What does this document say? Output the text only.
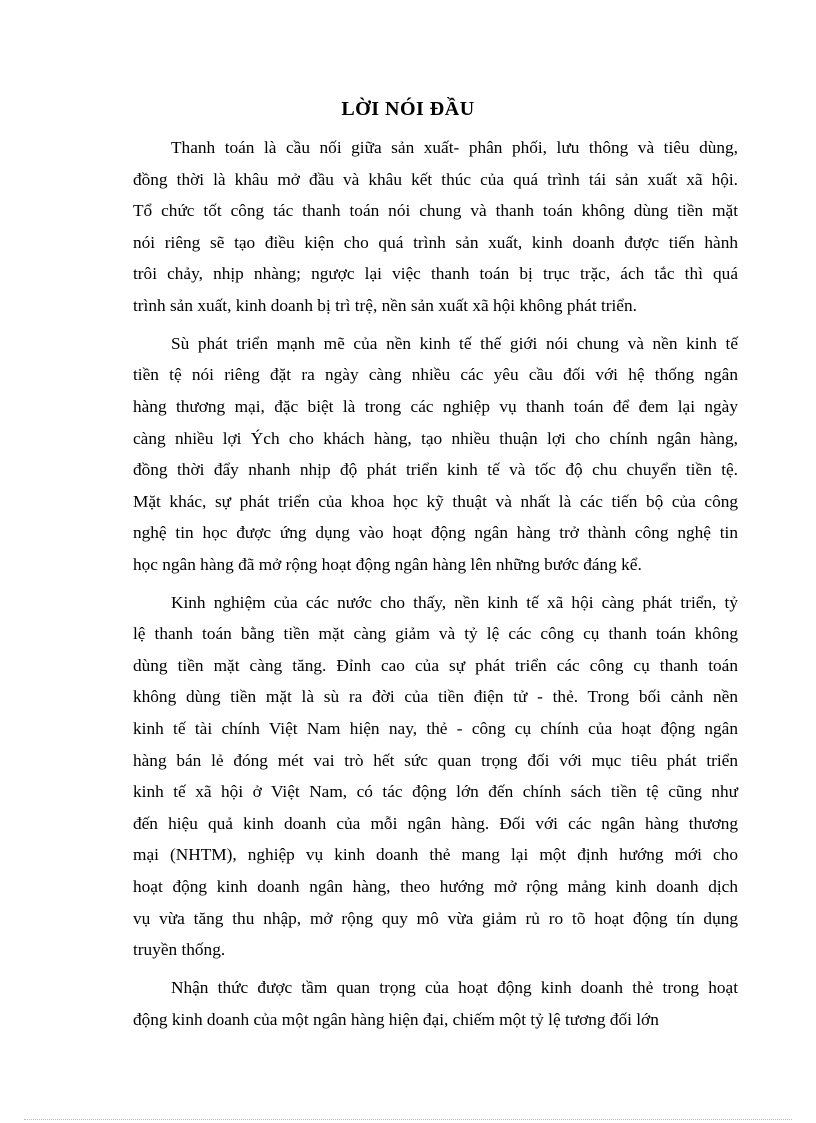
LỜI NÓI ĐẦU
Thanh toán là cầu nối giữa sản xuất- phân phối, lưu thông và tiêu dùng,
đồng thời là khâu mở đầu và khâu kết thúc của quá trình tái sản xuất xã hội.
Tổ chức tốt công tác thanh toán nói chung và thanh toán không dùng tiền mặt
nói riêng sẽ tạo điều kiện cho quá trình sản xuất, kinh doanh được tiến hành
trôi chảy, nhịp nhàng; ngược lại việc thanh toán bị trục trặc, ách tắc thì quá
trình sản xuất, kinh doanh bị trì trệ, nền sản xuất xã hội không phát triển.
Sù phát triển mạnh mẽ của nền kinh tế thế giới nói chung và nền kinh tế
tiền tệ nói riêng đặt ra ngày càng nhiều các yêu cầu đối với hệ thống ngân
hàng thương mại, đặc biệt là trong các nghiệp vụ thanh toán để đem lại ngày
càng nhiều lợi Ých cho khách hàng, tạo nhiều thuận lợi cho chính ngân hàng,
đồng thời đẩy nhanh nhịp độ phát triển kinh tế và tốc độ chu chuyển tiền tệ.
Mặt khác, sự phát triển của khoa học kỹ thuật và nhất là các tiến bộ của công
nghệ tin học được ứng dụng vào hoạt động ngân hàng trở thành công nghệ tin
học ngân hàng đã mở rộng hoạt động ngân hàng lên những bước đáng kể.
Kinh nghiệm của các nước cho thấy, nền kinh tế xã hội càng phát triển, tỷ
lệ thanh toán bằng tiền mặt càng giảm và tỷ lệ các công cụ thanh toán không
dùng tiền mặt càng tăng. Đỉnh cao của sự phát triển các công cụ thanh toán
không dùng tiền mặt là sù ra đời của tiền điện tử - thẻ. Trong bối cảnh nền
kinh tế tài chính Việt Nam hiện nay, thẻ - công cụ chính của hoạt động ngân
hàng bán lẻ đóng mét vai trò hết sức quan trọng đối với mục tiêu phát triển
kinh tế xã hội ở Việt Nam, có tác động lớn đến chính sách tiền tệ cũng như
đến hiệu quả kinh doanh của mỗi ngân hàng. Đối với các ngân hàng thương
mại (NHTM), nghiệp vụ kinh doanh thẻ mang lại một định hướng mới cho
hoạt động kinh doanh ngân hàng, theo hướng mở rộng mảng kinh doanh dịch
vụ vừa tăng thu nhập, mở rộng quy mô vừa giảm rủ ro tõ hoạt động tín dụng
truyền thống.
Nhận thức được tầm quan trọng của hoạt động kinh doanh thẻ trong hoạt
động kinh doanh của một ngân hàng hiện đại, chiếm một tỷ lệ tương đối lớn
